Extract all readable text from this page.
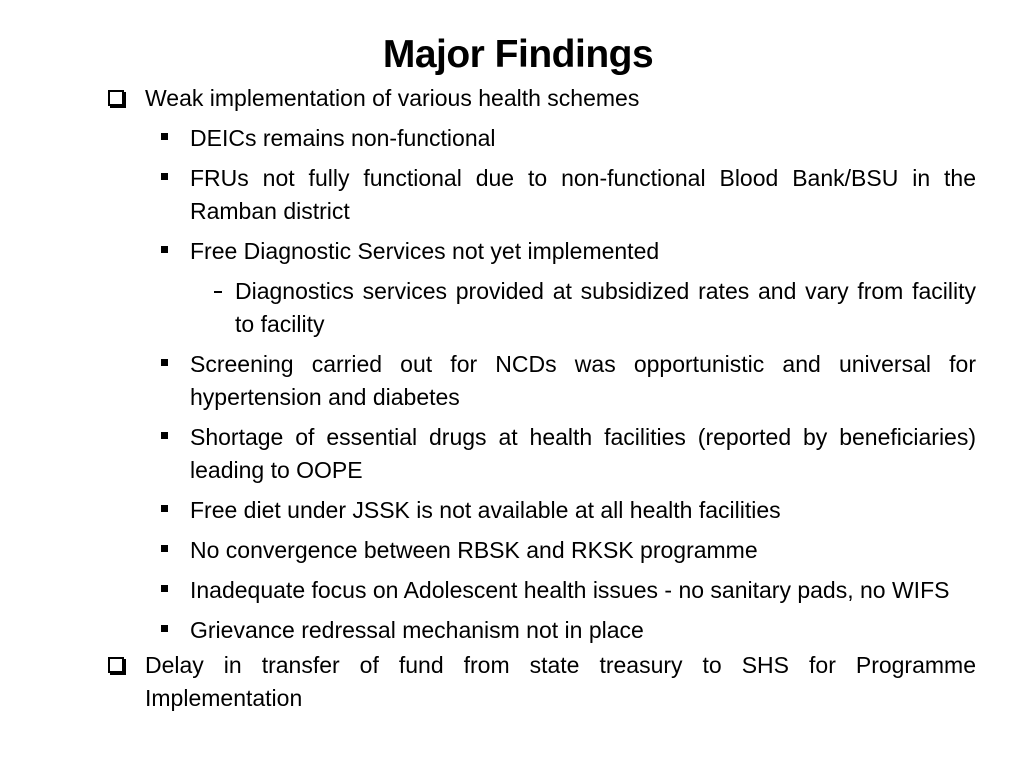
Major Findings
Weak implementation of various health schemes
DEICs remains non-functional
FRUs not fully functional due to non-functional Blood Bank/BSU in the Ramban district
Free Diagnostic Services not yet implemented
Diagnostics services provided at subsidized rates and vary from facility to facility
Screening carried out for NCDs was opportunistic and universal for hypertension and diabetes
Shortage of essential drugs at health facilities (reported by beneficiaries) leading to OOPE
Free diet under JSSK is not available at all health facilities
No convergence between RBSK and RKSK programme
Inadequate focus on Adolescent health issues - no sanitary pads, no WIFS
Grievance redressal mechanism not in place
Delay in transfer of fund from state treasury to SHS for Programme Implementation
